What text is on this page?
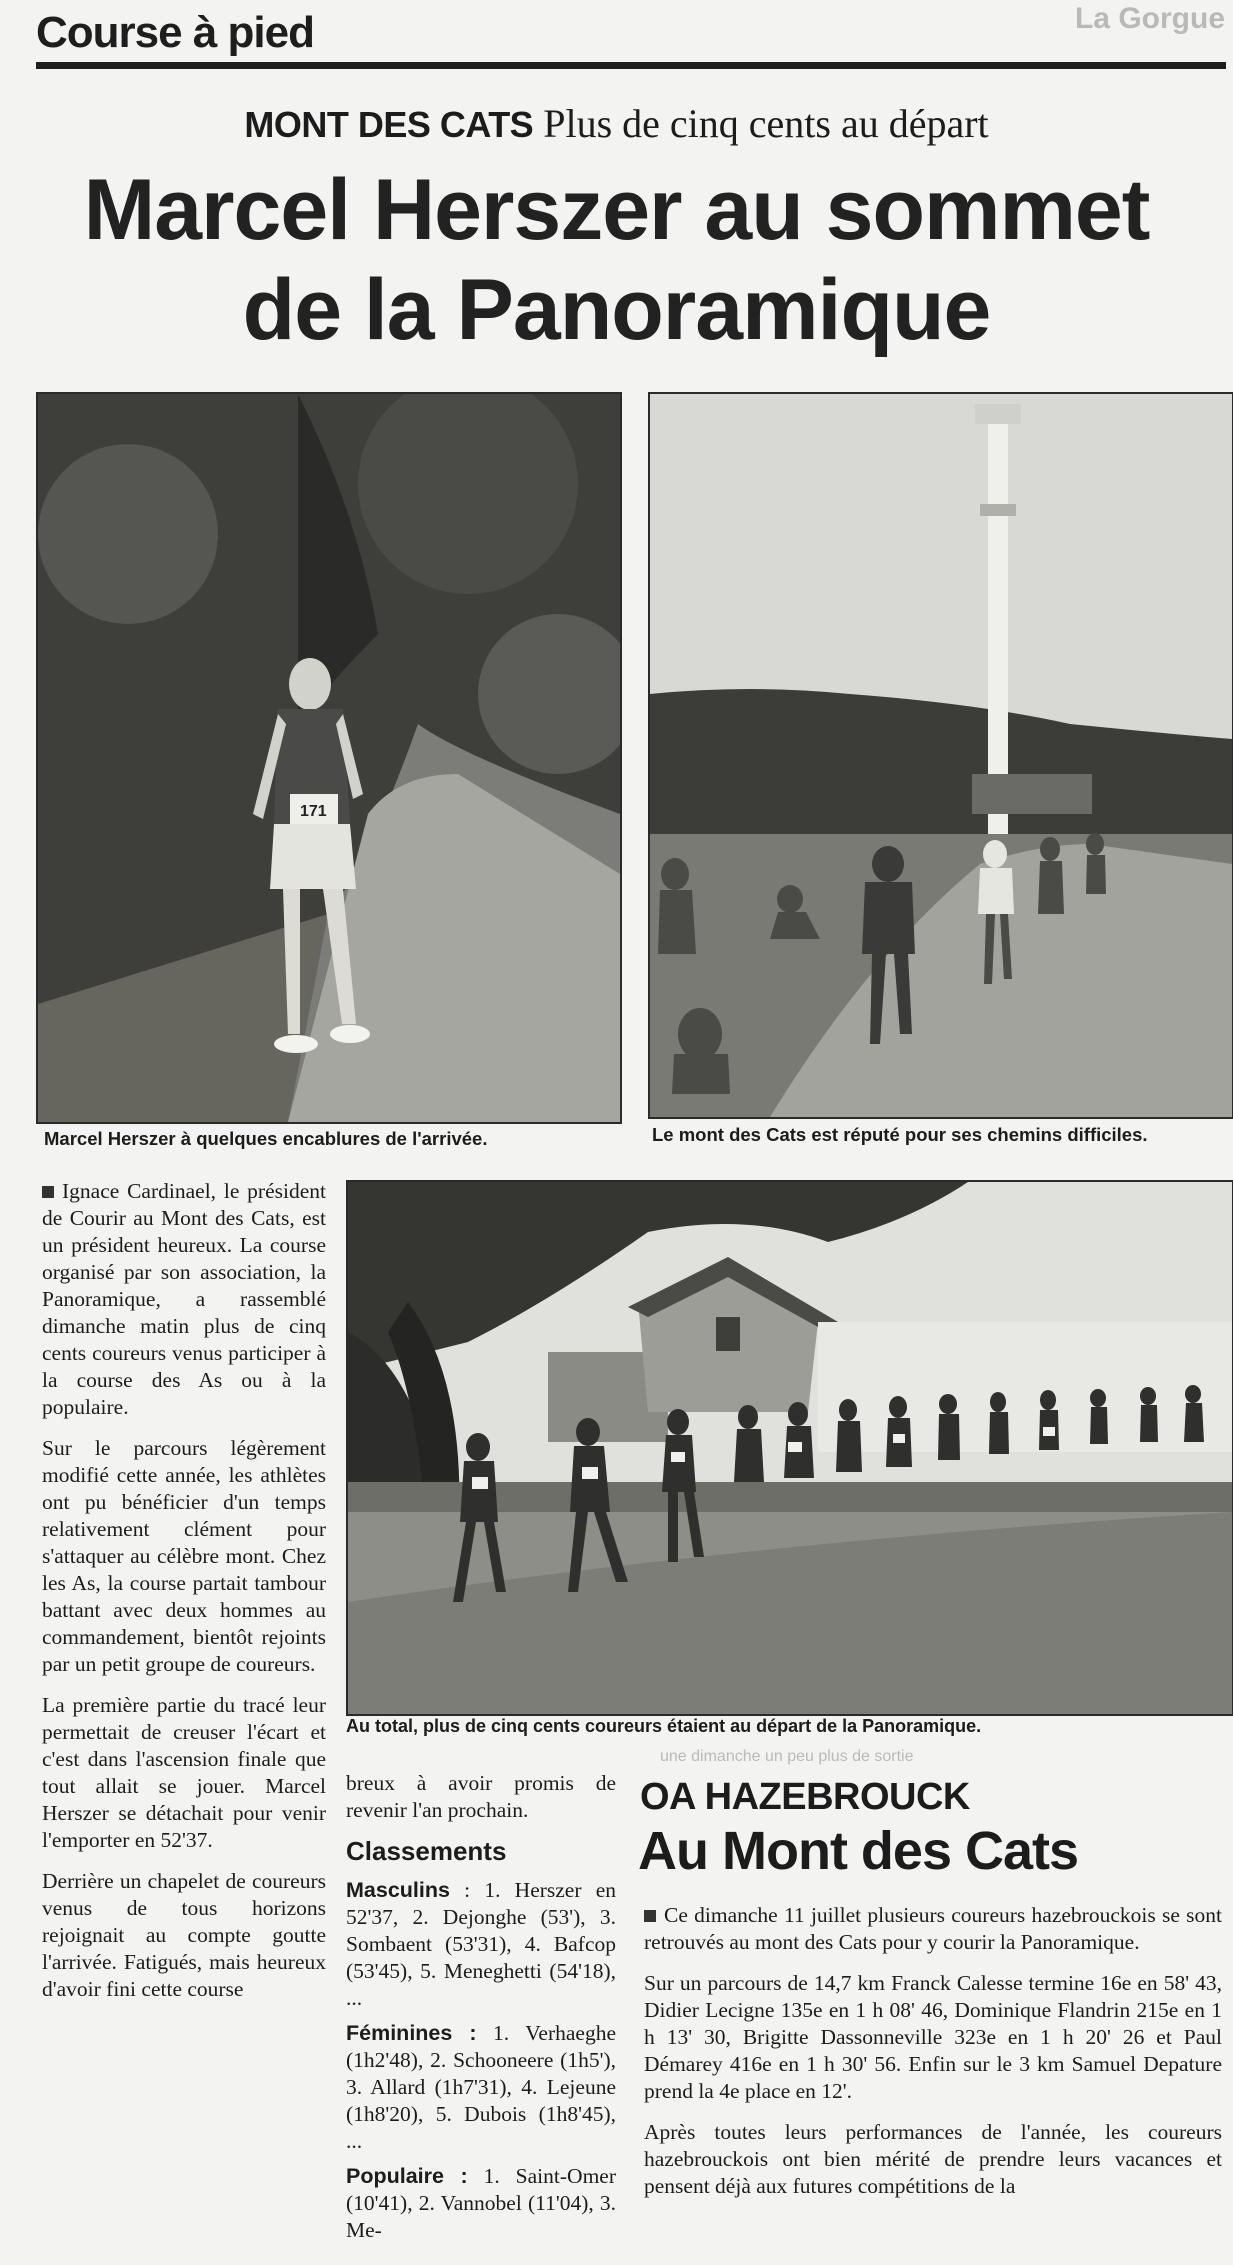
Course à pied	La Gorgue
MONT DES CATS Plus de cinq cents au départ
Marcel Herszer au sommet
de la Panoramique
171
Marcel Herszer à quelques encablures de l'arrivée.	Le mont des Cats est réputé pour ses chemins difficiles.

Ignace Cardinael, le président de Courir au Mont des Cats, est un président heureux. La course organisé par son association, la Panoramique, a rassemblé dimanche matin plus de cinq cents coureurs venus participer à la course des As ou à la populaire.

Sur le parcours légèrement modifié cette année, les athlètes ont pu bénéficier d'un temps relativement clément pour s'attaquer au célèbre mont. Chez les As, la course partait tambour battant avec deux hommes au commandement, bientôt rejoints par un petit groupe de coureurs.

La première partie du tracé leur permettait de creuser l'écart et c'est dans l'ascension finale que tout allait se jouer. Marcel Herszer se détachait pour venir l'emporter en 52'37.

Derrière un chapelet de coureurs venus de tous horizons rejoignait au compte goutte l'arrivée. Fatigués, mais heureux d'avoir fini cette course

Au total, plus de cinq cents coureurs étaient au départ de la Panoramique.
une dimanche un peu plus de sortie

breux à avoir promis de revenir l'an prochain.

Classements

Masculins : 1. Herszer en 52'37, 2. Dejonghe (53'), 3. Sombaent (53'31), 4. Bafcop (53'45), 5. Meneghetti (54'18), ...

Féminines : 1. Verhaeghe (1h2'48), 2. Schooneere (1h5'), 3. Allard (1h7'31), 4. Lejeune (1h8'20), 5. Dubois (1h8'45), ...

Populaire : 1. Saint-Omer (10'41), 2. Vannobel (11'04), 3. Me-

OA HAZEBROUCK
Au Mont des Cats

Ce dimanche 11 juillet plusieurs coureurs hazebrouckois se sont retrouvés au mont des Cats pour y courir la Panoramique.

Sur un parcours de 14,7 km Franck Calesse termine 16e en 58' 43, Didier Lecigne 135e en 1 h 08' 46, Dominique Flandrin 215e en 1 h 13' 30, Brigitte Dassonneville 323e en 1 h 20' 26 et Paul Démarey 416e en 1 h 30' 56. Enfin sur le 3 km Samuel Depature prend la 4e place en 12'.

Après toutes leurs performances de l'année, les coureurs hazebrouckois ont bien mérité de prendre leurs vacances et pensent déjà aux futures compétitions de la
